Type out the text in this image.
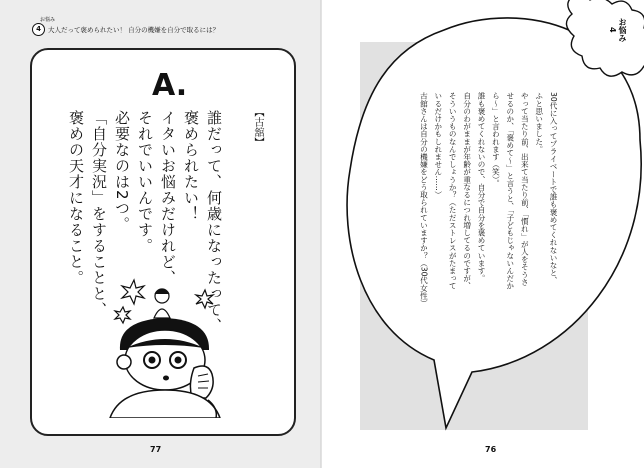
お悩み
4	大人だって褒められたい！ 自分の機嫌を自分で取るには？
A.
【古舘】
誰だって、何歳になったって、
褒められたい！
イタいお悩みだけれど、
それでいいんです。
必要なのは2つ。
「自分実況」をすることと、
褒めの天才になること。
77
お悩み
4

30代に入ってプライベートで誰も褒めてくれないなと、

ふと思いました。

やって当たり前、出来て当たり前、「慣れ」が人をそうさ

せるのか、「褒めて～」と言うと、「子どもじゃないんだか

ら～」と言われます（笑）。

誰も褒めてくれないので、自分で自分を褒めています。

自分のわがままが年齢が重なるにつれ増してるのですが、

そういうものなんでしょうか？（ただストレスがたまって

いるだけかもしれません……）

古舘さんは自分の機嫌をどう取られていますか？（30代女性）

76
